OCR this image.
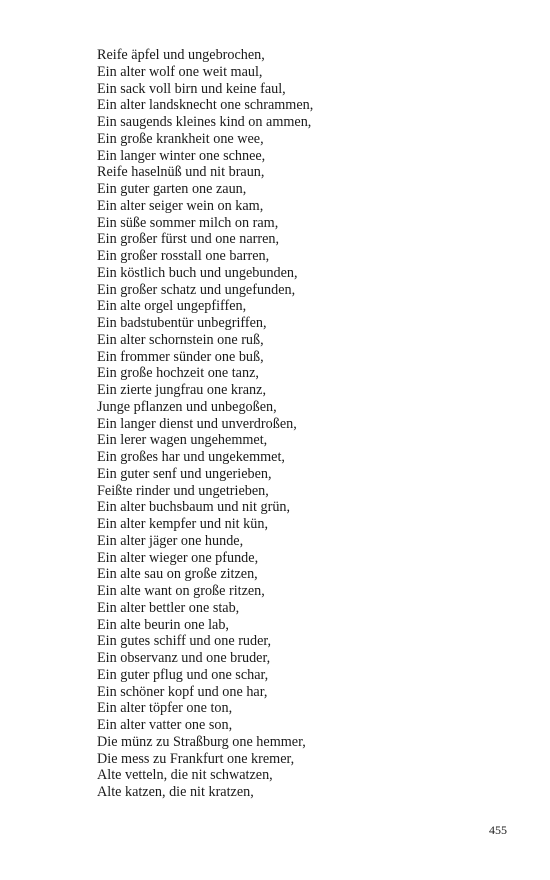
Reife äpfel und ungebrochen,
Ein alter wolf one weit maul,
Ein sack voll birn und keine faul,
Ein alter landsknecht one schrammen,
Ein saugends kleines kind on ammen,
Ein große krankheit one wee,
Ein langer winter one schnee,
Reife haselnüß und nit braun,
Ein guter garten one zaun,
Ein alter seiger wein on kam,
Ein süße sommer milch on ram,
Ein großer fürst und one narren,
Ein großer rosstall one barren,
Ein köstlich buch und ungebunden,
Ein großer schatz und ungefunden,
Ein alte orgel ungepfiffen,
Ein badstubentür unbegriffen,
Ein alter schornstein one ruß,
Ein frommer sünder one buß,
Ein große hochzeit one tanz,
Ein zierte jungfrau one kranz,
Junge pflanzen und unbegoßen,
Ein langer dienst und unverdroßen,
Ein lerer wagen ungehemmet,
Ein großes har und ungekemmet,
Ein guter senf und ungerieben,
Feißte rinder und ungetrieben,
Ein alter buchsbaum und nit grün,
Ein alter kempfer und nit kün,
Ein alter jäger one hunde,
Ein alter wieger one pfunde,
Ein alte sau on große zitzen,
Ein alte want on große ritzen,
Ein alter bettler one stab,
Ein alte beurin one lab,
Ein gutes schiff und one ruder,
Ein observanz und one bruder,
Ein guter pflug und one schar,
Ein schöner kopf und one har,
Ein alter töpfer one ton,
Ein alter vatter one son,
Die münz zu Straßburg one hemmer,
Die mess zu Frankfurt one kremer,
Alte vetteln, die nit schwatzen,
Alte katzen, die nit kratzen,
455
